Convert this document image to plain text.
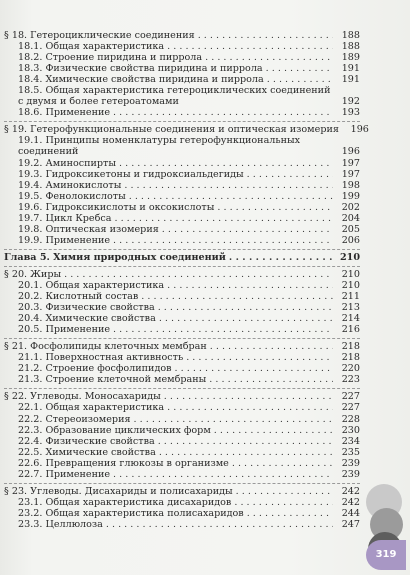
§ 18. Гетероциклические соединения . . .	188
18.1. Общая характеристика . . .	188
18.2. Строение пиридина и пиррола . . .	189
18.3. Физические свойства пиридина и пиррола . . .	191
18.4. Химические свойства пиридина и пиррола . . .	191
18.5. Общая характеристика гетероциклических соединений с двумя и более гетероатомами	192
18.6. Применение . . .	193
§ 19. Гетерофункциональные соединения и оптическая изомерия	196
19.1. Принципы номенклатуры гетерофункциональных соединений	196
19.2. Аминоспирты . . .	197
19.3. Гидроксикетоны и гидроксиальдегиды . . .	197
19.4. Аминокислоты . . .	198
19.5. Фенолокислоты . . .	199
19.6. Гидроксикислоты и оксокислоты . . .	202
19.7. Цикл Кребса . . .	204
19.8. Оптическая изомерия . . .	205
19.9. Применение . . .	206
Глава 5. Химия природных соединений . . .	210
§ 20. Жиры . . .	210
20.1. Общая характеристика . . .	210
20.2. Кислотный состав . . .	211
20.3. Физические свойства . . .	213
20.4. Химические свойства . . .	214
20.5. Применение . . .	216
§ 21. Фосфолипиды клеточных мембран . . .	218
21.1. Поверхностная активность . . .	218
21.2. Строение фосфолипидов . . .	220
21.3. Строение клеточной мембраны . . .	223
§ 22. Углеводы. Моносахариды . . .	227
22.1. Общая характеристика . . .	227
22.2. Стереоизомерия . . .	228
22.3. Образование циклических форм . . .	230
22.4. Физические свойства . . .	234
22.5. Химические свойства . . .	235
22.6. Превращения глюкозы в организме . . .	239
22.7. Применение . . .	239
§ 23. Углеводы. Дисахариды и полисахариды . . .	242
23.1. Общая характеристика дисахаридов . . .	242
23.2. Общая характеристика полисахаридов . . .	244
23.3. Целлюлоза . . .	247
319
